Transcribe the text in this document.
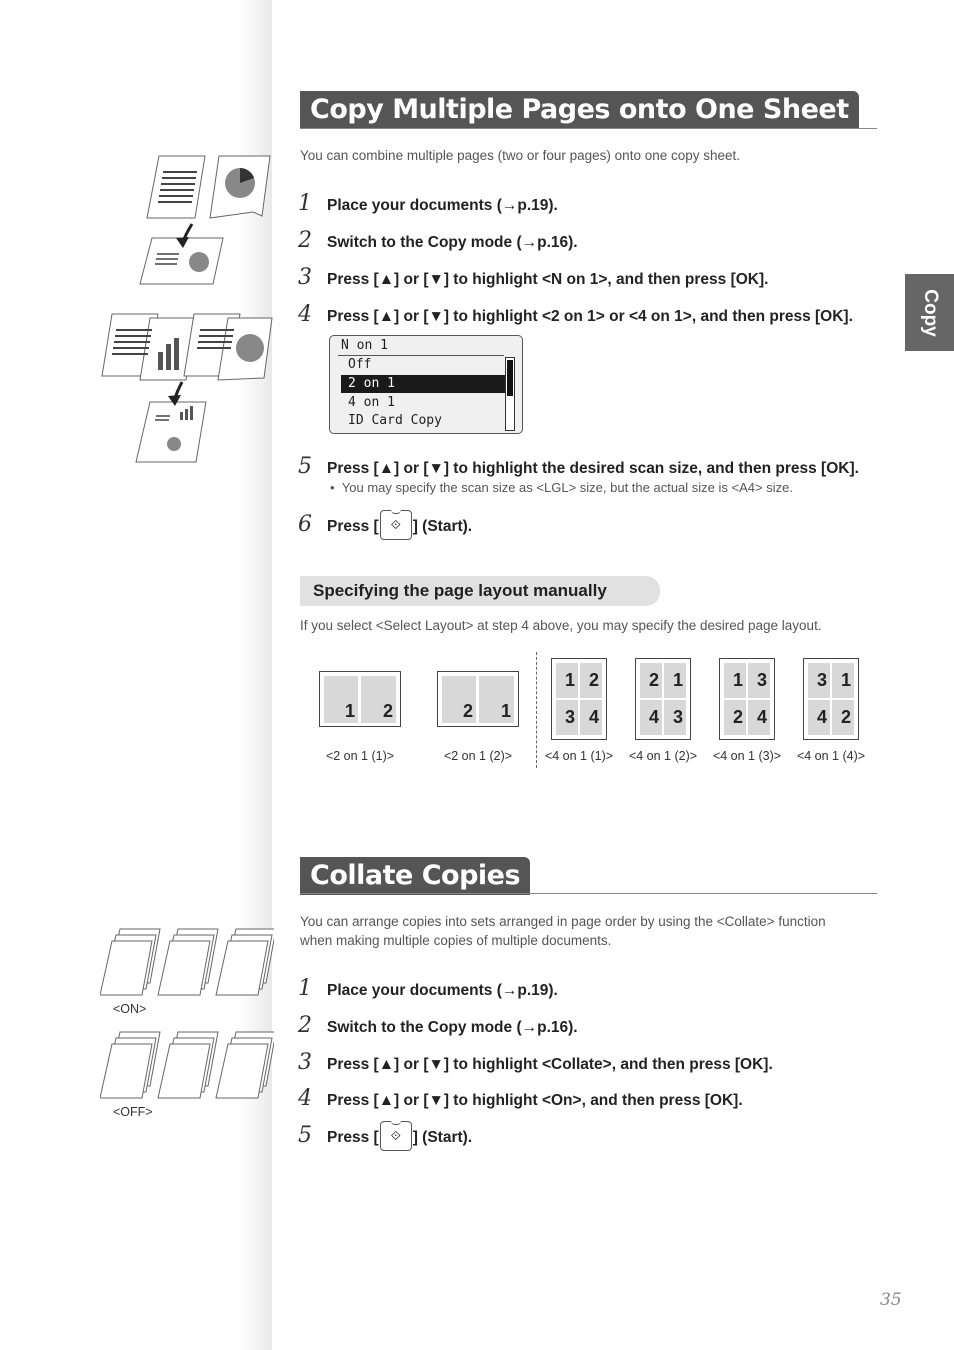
<ON>
<OFF>
Copy
Copy Multiple Pages onto One Sheet
You can combine multiple pages (two or four pages) onto one copy sheet.
1 Place your documents (→p.19).
2 Switch to the Copy mode (→p.16).
3 Press [▲] or [▼] to highlight <N on 1>, and then press [OK].
4 Press [▲] or [▼] to highlight <2 on 1> or <4 on 1>, and then press [OK].
N on 1
Off
2 on 1
4 on 1
ID Card Copy
5 Press [▲] or [▼] to highlight the desired scan size, and then press [OK].
•  You may specify the scan size as <LGL> size, but the actual size is <A4> size.
6 Press [ ⟐ ] (Start).
Specifying the page layout manually
If you select <Select Layout> at step 4 above, you may specify the desired page layout.
1	2
<2 on 1 (1)>
2	1
<2 on 1 (2)>
1 2
3 4
<4 on 1 (1)>
2 1
4 3
<4 on 1 (2)>
1 3
2 4
<4 on 1 (3)>
3 1
4 2
<4 on 1 (4)>
Collate Copies
You can arrange copies into sets arranged in page order by using the <Collate> function
when making multiple copies of multiple documents.
1 Place your documents (→p.19).
2 Switch to the Copy mode (→p.16).
3 Press [▲] or [▼] to highlight <Collate>, and then press [OK].
4 Press [▲] or [▼] to highlight <On>, and then press [OK].
5 Press [ ⟐ ] (Start).
35
